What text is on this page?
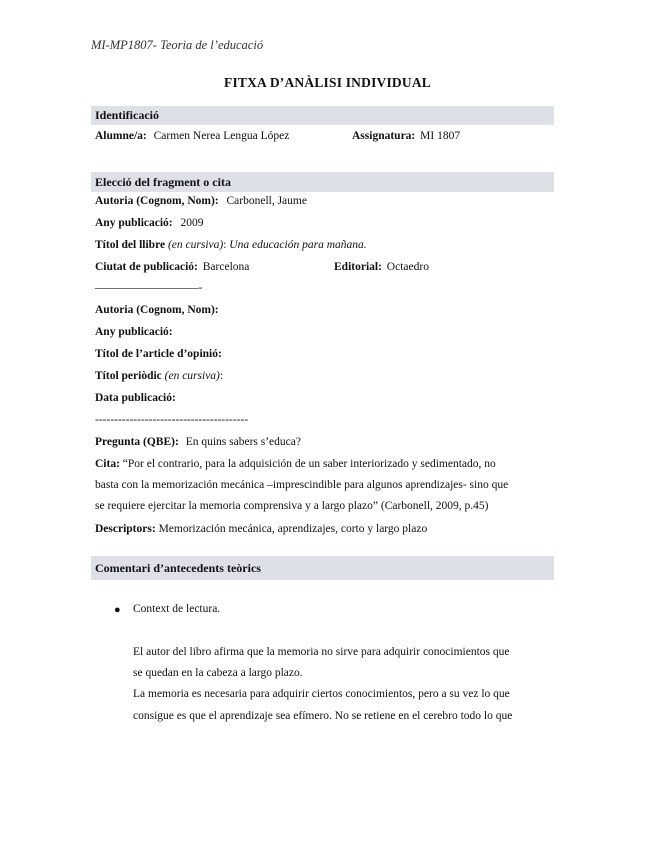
MI-MP1807- Teoria de l’educació
FITXA D’ANÀLISI INDIVIDUAL
Identificació
Alumne/a: Carmen Nerea Lengua López	Assignatura: MI 1807
Elecció del fragment o cita
Autoria (Cognom, Nom): Carbonell, Jaume
Any publicació: 2009
Títol del llibre (en cursiva): Una educación para mañana.
Ciutat de publicació: Barcelona	Editorial: Octaedro
—————————-
Autoria (Cognom, Nom):
Any publicació:
Títol de l’article d’opinió:
Títol periòdic (en cursiva):
Data publicació:
----------------------------------------
Pregunta (QBE): En quins sabers s’educa?
Cita: “Por el contrario, para la adquisición de un saber interiorizado y sedimentado, no
basta con la memorización mecánica –imprescindible para algunos aprendizajes- sino que
se requiere ejercitar la memoria comprensiva y a largo plazo” (Carbonell, 2009, p.45)
Descriptors: Memorización mecánica, aprendizajes, corto y largo plazo
Comentari d’antecedents teòrics
● Context de lectura.
El autor del libro afirma que la memoria no sirve para adquirir conocimientos que
se quedan en la cabeza a largo plazo.
La memoria es necesaria para adquirir ciertos conocimientos, pero a su vez lo que
consigue es que el aprendizaje sea efímero. No se retiene en el cerebro todo lo que
